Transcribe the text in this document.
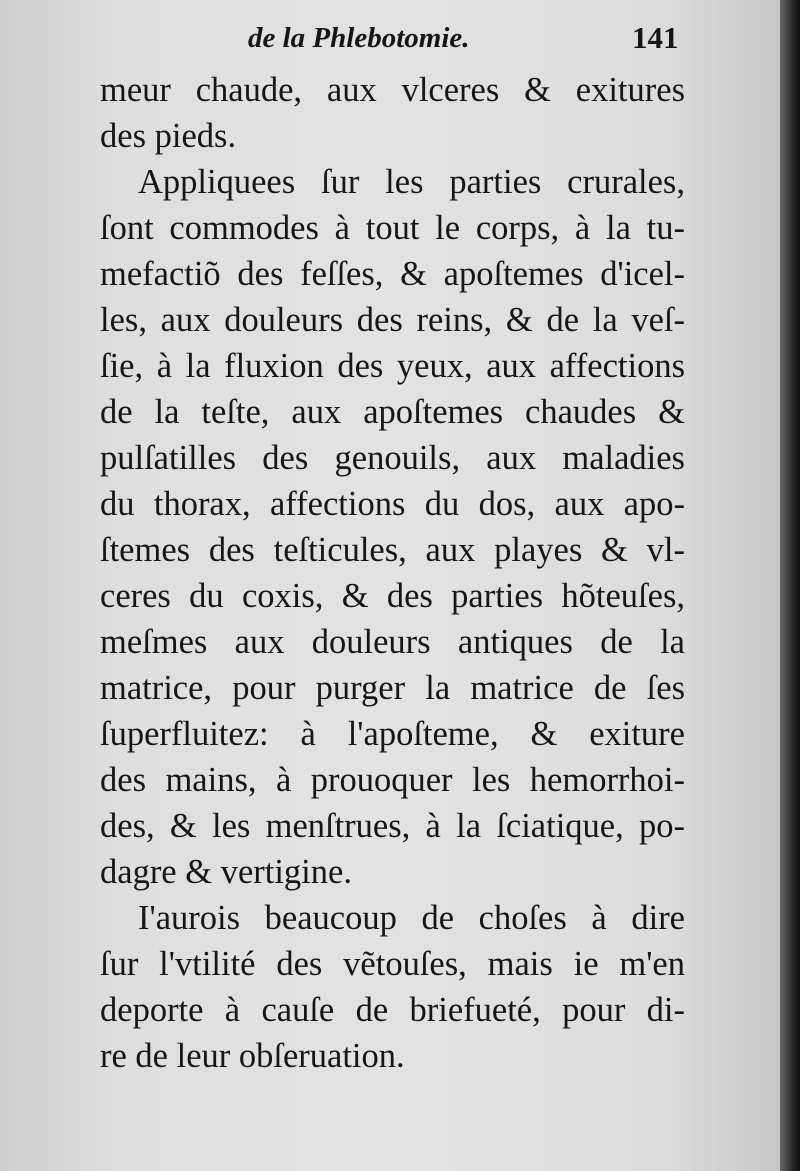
de la Phlebotomie.	141
meur chaude, aux vlceres & exitures
des pieds.
Appliquees ſur les parties crurales,
ſont commodes à tout le corps, à la tu-
mefactiõ des feſſes, & apoſtemes d'icel-
les, aux douleurs des reins, & de la veſ-
ſie, à la fluxion des yeux, aux affections
de la teſte, aux apoſtemes chaudes &
pulſatilles des genouils, aux maladies
du thorax, affections du dos, aux apo-
ſtemes des teſticules, aux playes & vl-
ceres du coxis, & des parties hõteuſes,
meſmes aux douleurs antiques de la
matrice, pour purger la matrice de ſes
ſuperfluitez: à l'apoſteme, & exiture
des mains, à prouoquer les hemorrhoi-
des, & les menſtrues, à la ſciatique, po-
dagre & vertigine.
I'aurois beaucoup de choſes à dire
ſur l'vtilité des vẽtouſes, mais ie m'en
deporte à cauſe de briefueté, pour di-
re de leur obſeruation.
